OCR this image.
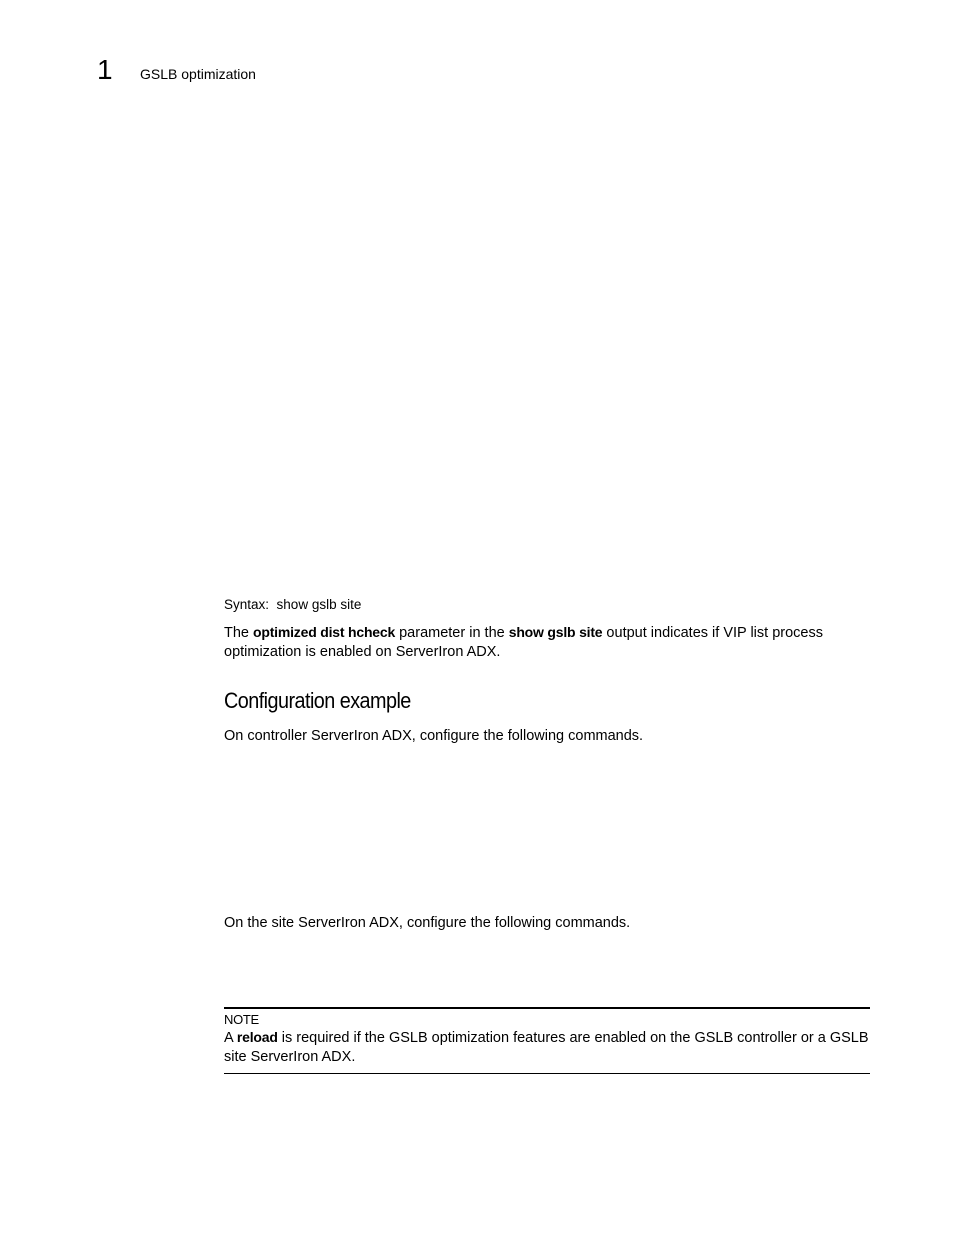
1 GSLB optimization
Syntax: show gslb site
The optimized dist hcheck parameter in the show gslb site output indicates if VIP list process optimization is enabled on ServerIron ADX.
Configuration example
On controller ServerIron ADX, configure the following commands.
On the site ServerIron ADX, configure the following commands.
NOTE
A reload is required if the GSLB optimization features are enabled on the GSLB controller or a GSLB site ServerIron ADX.
